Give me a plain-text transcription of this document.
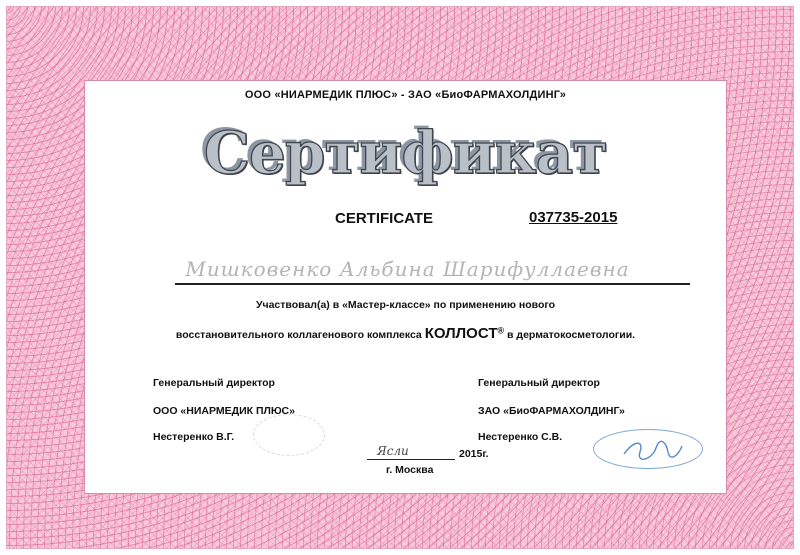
ООО «НИАРМЕДИК ПЛЮС» - ЗАО «БиоФАРМАХОЛДИНГ»
Сертификат
CERTIFICATE	037735-2015
Мишковенко Альбина Шарифуллаевна
Участвовал(а) в «Мастер-классе» по применению нового
восстановительного коллагенового комплекса КОЛЛОСТ® в дерматокосметологии.
Генеральный директор
ООО «НИАРМЕДИК ПЛЮС»
Нестеренко В.Г.
Генеральный директор
ЗАО «БиоФАРМАХОЛДИНГ»
Нестеренко С.В.
Ясли	2015г.
г. Москва
